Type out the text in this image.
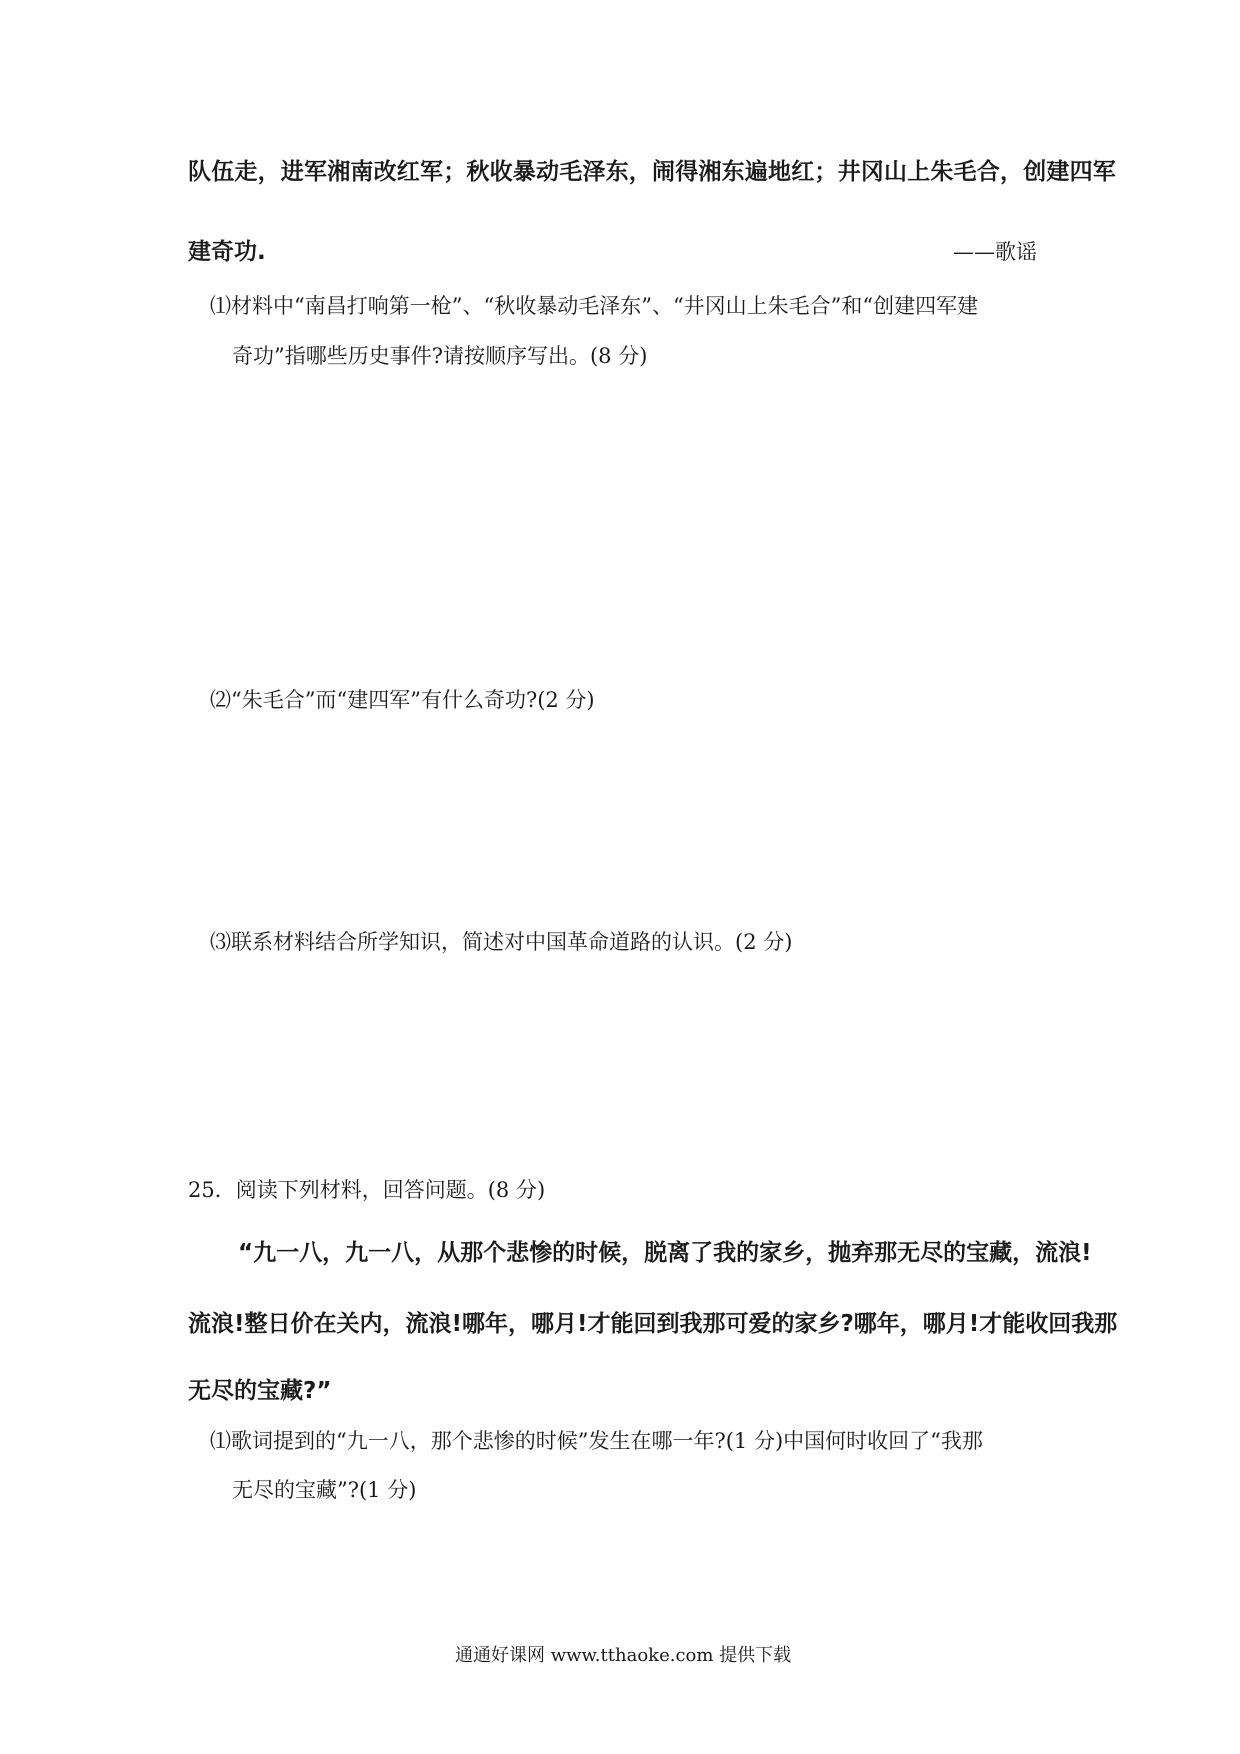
队伍走，进军湘南改红军；秋收暴动毛泽东，闹得湘东遍地红；井冈山上朱毛合，创建四军

建奇功.	——歌谣

⑴材料中“南昌打响第一枪”、“秋收暴动毛泽东”、“井冈山上朱毛合”和“创建四军建

奇功”指哪些历史事件?请按顺序写出。(8 分)

⑵“朱毛合”而“建四军”有什么奇功?(2 分)

⑶联系材料结合所学知识，简述对中国革命道路的认识。(2 分)

25．阅读下列材料，回答问题。(8 分)

“九一八，九一八，从那个悲惨的时候，脱离了我的家乡，抛弃那无尽的宝藏，流浪!

流浪!整日价在关内，流浪!哪年，哪月!才能回到我那可爱的家乡?哪年，哪月!才能收回我那

无尽的宝藏?”

⑴歌词提到的“九一八，那个悲惨的时候”发生在哪一年?(1 分)中国何时收回了“我那

无尽的宝藏”?(1 分)

通通好课网 www.tthaoke.com 提供下载
